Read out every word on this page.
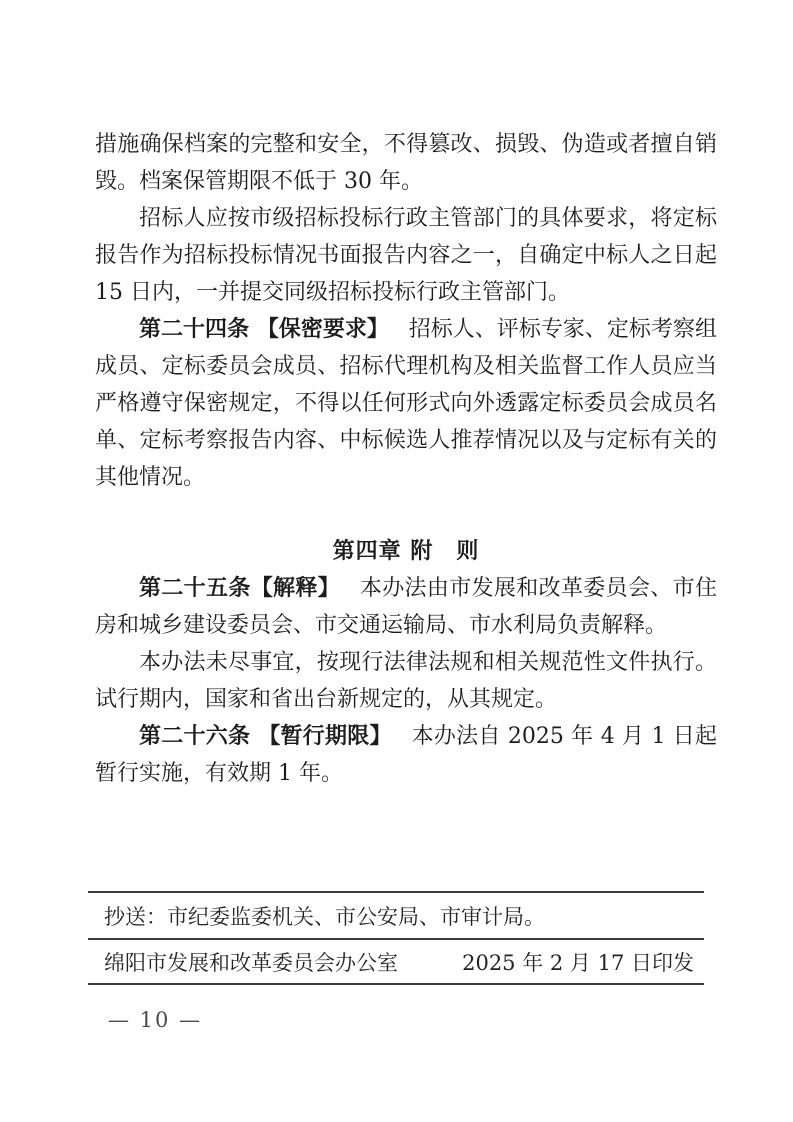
措施确保档案的完整和安全，不得篡改、损毁、伪造或者擅自销毁。档案保管期限不低于 30 年。

招标人应按市级招标投标行政主管部门的具体要求，将定标报告作为招标投标情况书面报告内容之一，自确定中标人之日起 15 日内，一并提交同级招标投标行政主管部门。

第二十四条 【保密要求】 招标人、评标专家、定标考察组成员、定标委员会成员、招标代理机构及相关监督工作人员应当严格遵守保密规定，不得以任何形式向外透露定标委员会成员名单、定标考察报告内容、中标候选人推荐情况以及与定标有关的其他情况。

第四章 附　则

第二十五条【解释】 本办法由市发展和改革委员会、市住房和城乡建设委员会、市交通运输局、市水利局负责解释。

本办法未尽事宜，按现行法律法规和相关规范性文件执行。试行期内，国家和省出台新规定的，从其规定。

第二十六条 【暂行期限】 本办法自 2025 年 4 月 1 日起暂行实施，有效期 1 年。

抄送：市纪委监委机关、市公安局、市审计局。
绵阳市发展和改革委员会办公室	2025 年 2 月 17 日印发
— 10 —
